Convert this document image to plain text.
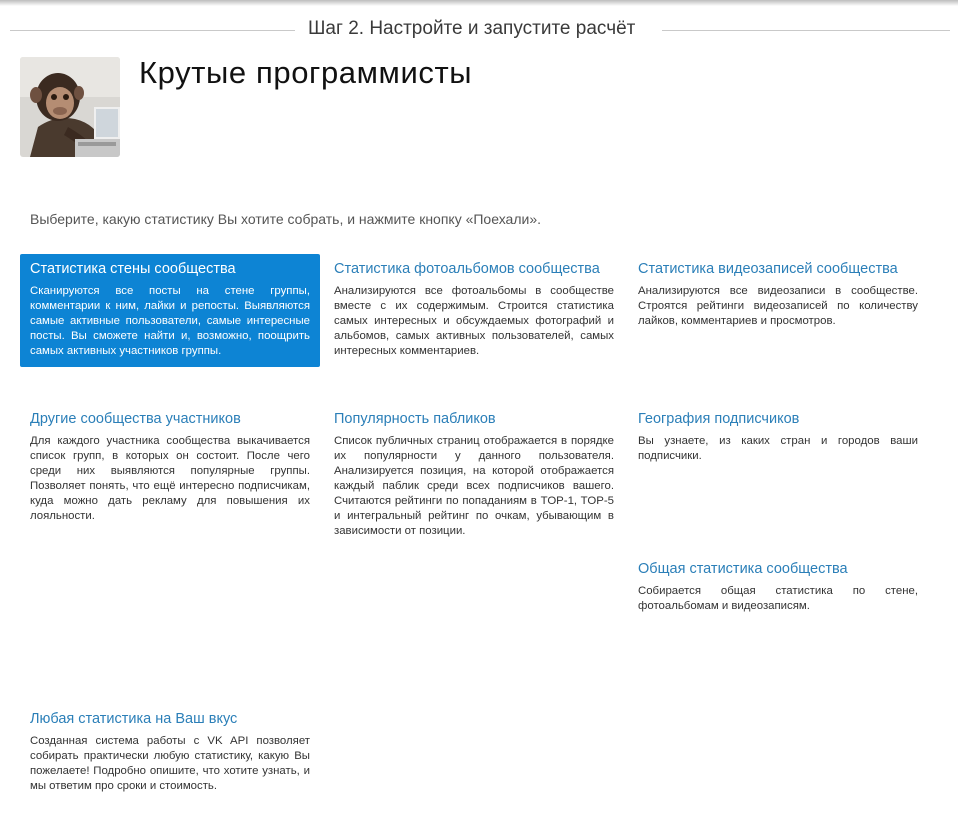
Шаг 2. Настройте и запустите расчёт
Крутые программисты
Выберите, какую статистику Вы хотите собрать, и нажмите кнопку «Поехали».
Статистика стены сообщества
Сканируются все посты на стене группы, комментарии к ним, лайки и репосты. Выявляются самые активные пользователи, самые интересные посты. Вы сможете найти и, возможно, поощрить самых активных участников группы.
Статистика фотоальбомов сообщества
Анализируются все фотоальбомы в сообществе вместе с их содержимым. Строится статистика самых интересных и обсуждаемых фотографий и альбомов, самых активных пользователей, самых интересных комментариев.
Статистика видеозаписей сообщества
Анализируются все видеозаписи в сообществе. Строятся рейтинги видеозаписей по количеству лайков, комментариев и просмотров.
Другие сообщества участников
Для каждого участника сообщества выкачивается список групп, в которых он состоит. После чего среди них выявляются популярные группы. Позволяет понять, что ещё интересно подписчикам, куда можно дать рекламу для повышения их лояльности.
Популярность пабликов
Список публичных страниц отображается в порядке их популярности у данного пользователя. Анализируется позиция, на которой отображается каждый паблик среди всех подписчиков вашего. Считаются рейтинги по попаданиям в TOP-1, TOP-5 и интегральный рейтинг по очкам, убывающим в зависимости от позиции.
География подписчиков
Вы узнаете, из каких стран и городов ваши подписчики.
Общая статистика сообщества
Собирается общая статистика по стене, фотоальбомам и видеозаписям.
Любая статистика на Ваш вкус
Созданная система работы с VK API позволяет собирать практически любую статистику, какую Вы пожелаете! Подробно опишите, что хотите узнать, и мы ответим про сроки и стоимость.
